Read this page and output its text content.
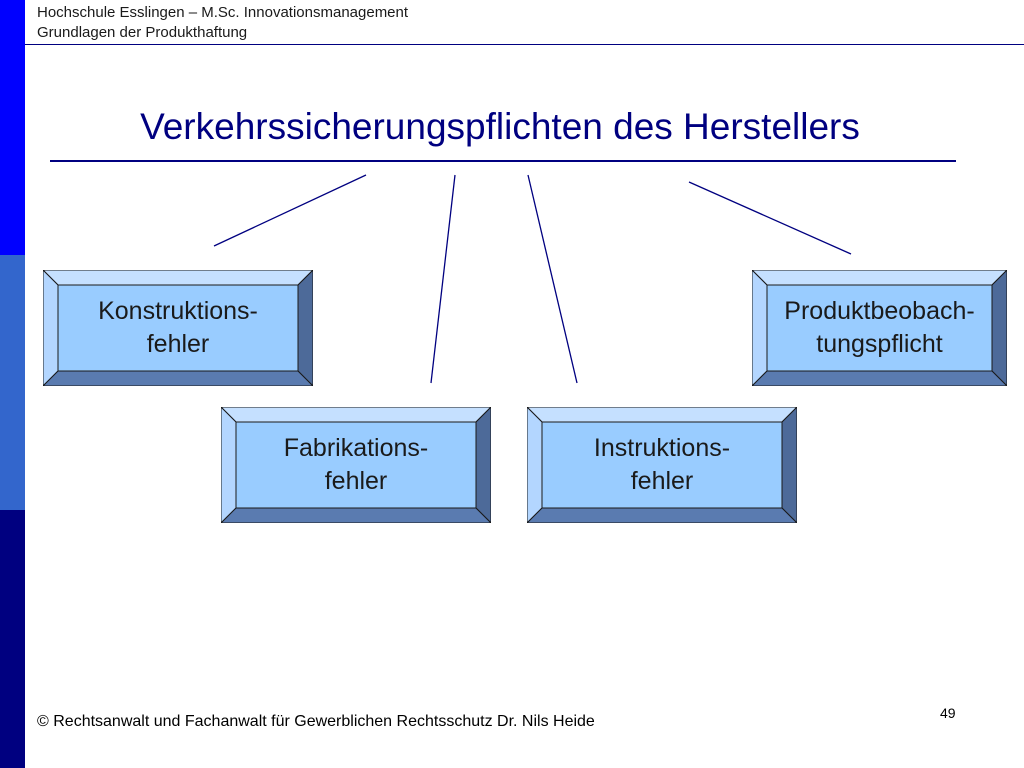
Hochschule Esslingen – M.Sc. Innovationsmanagement
Grundlagen der Produkthaftung
Verkehrssicherungspflichten des Herstellers
Konstruktions-
fehler
Fabrikations-
fehler
Instruktions-
fehler
Produktbeobach-
tungspflicht
© Rechtsanwalt und Fachanwalt für Gewerblichen Rechtsschutz Dr. Nils Heide	49
